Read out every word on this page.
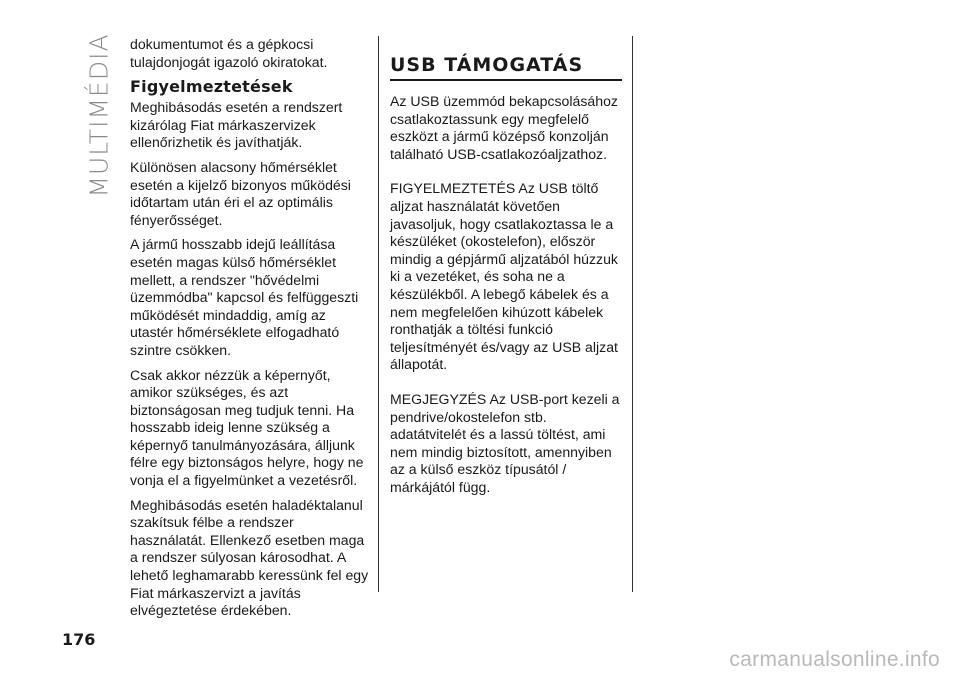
MULTIMÉDIA dokumentumot és a gépkocsi tulajdonjogát igazoló okiratokat.

Figyelmeztetések

Meghibásodás esetén a rendszert kizárólag Fiat márkaszervizek ellenőrizhetik és javíthatják.

Különösen alacsony hőmérséklet esetén a kijelző bizonyos működési időtartam után éri el az optimális fényerősséget.

A jármű hosszabb idejű leállítása esetén magas külső hőmérséklet mellett, a rendszer "hővédelmi üzemmódba" kapcsol és felfüggeszti működését mindaddig, amíg az utastér hőmérséklete elfogadható szintre csökken.

Csak akkor nézzük a képernyőt, amikor szükséges, és azt biztonságosan meg tudjuk tenni. Ha hosszabb ideig lenne szükség a képernyő tanulmányozására, álljunk félre egy biztonságos helyre, hogy ne vonja el a figyelmünket a vezetésről.

Meghibásodás esetén haladéktalanul szakítsuk félbe a rendszer használatát. Ellenkező esetben maga a rendszer súlyosan károsodhat. A lehető leghamarabb keressünk fel egy Fiat márkaszervizt a javítás elvégeztetése érdekében.

USB TÁMOGATÁS

Az USB üzemmód bekapcsolásához csatlakoztassunk egy megfelelő eszközt a jármű középső konzolján található USB-csatlakozóaljzathoz.

FIGYELMEZTETÉS Az USB töltő aljzat használatát követően javasoljuk, hogy csatlakoztassa le a készüléket (okostelefon), először mindig a gépjármű aljzatából húzzuk ki a vezetéket, és soha ne a készülékből. A lebegő kábelek és a nem megfelelően kihúzott kábelek ronthatják a töltési funkció teljesítményét és/vagy az USB aljzat állapotát.

MEGJEGYZÉS Az USB-port kezeli a pendrive/okostelefon stb. adatátvitelét és a lassú töltést, ami nem mindig biztosított, amennyiben az a külső eszköz típusától / márkájától függ.

176
carmanualsonline.info
